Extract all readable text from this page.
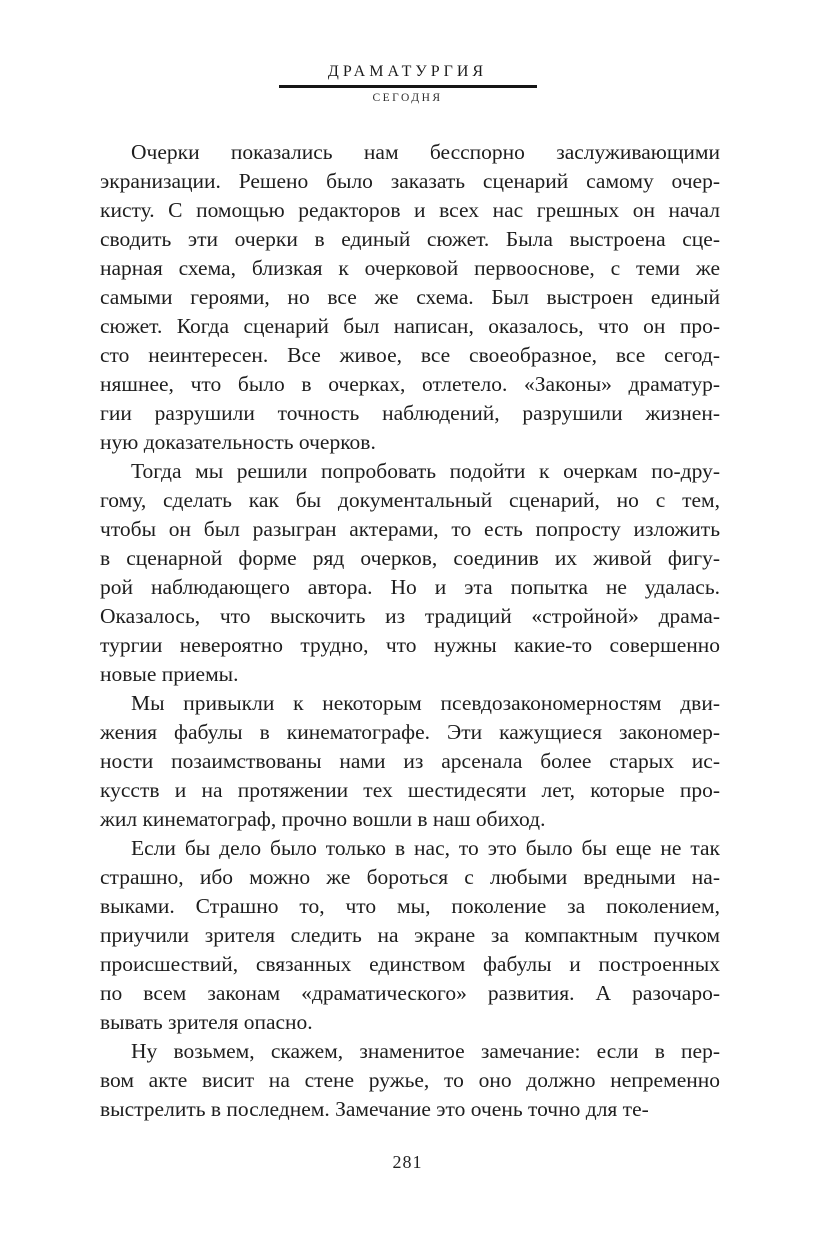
ДРАМАТУРГИЯ
СЕГОДНЯ

Очерки показались нам бесспорно заслуживающими
экранизации. Решено было заказать сценарий самому очер-
кисту. С помощью редакторов и всех нас грешных он начал
сводить эти очерки в единый сюжет. Была выстроена сце-
нарная схема, близкая к очерковой первооснове, с теми же
самыми героями, но все же схема. Был выстроен единый
сюжет. Когда сценарий был написан, оказалось, что он про-
сто неинтересен. Все живое, все своеобразное, все сегод-
няшнее, что было в очерках, отлетело. «Законы» драматур-
гии разрушили точность наблюдений, разрушили жизнен-
ную доказательность очерков.

Тогда мы решили попробовать подойти к очеркам по-дру-
гому, сделать как бы документальный сценарий, но с тем,
чтобы он был разыгран актерами, то есть попросту изложить
в сценарной форме ряд очерков, соединив их живой фигу-
рой наблюдающего автора. Но и эта попытка не удалась.
Оказалось, что выскочить из традиций «стройной» драма-
тургии невероятно трудно, что нужны какие-то совершенно
новые приемы.

Мы привыкли к некоторым псевдозакономерностям дви-
жения фабулы в кинематографе. Эти кажущиеся закономер-
ности позаимствованы нами из арсенала более старых ис-
кусств и на протяжении тех шестидесяти лет, которые про-
жил кинематограф, прочно вошли в наш обиход.

Если бы дело было только в нас, то это было бы еще не так
страшно, ибо можно же бороться с любыми вредными на-
выками. Страшно то, что мы, поколение за поколением,
приучили зрителя следить на экране за компактным пучком
происшествий, связанных единством фабулы и построенных
по всем законам «драматического» развития. А разочаро-
вывать зрителя опасно.

Ну возьмем, скажем, знаменитое замечание: если в пер-
вом акте висит на стене ружье, то оно должно непременно
выстрелить в последнем. Замечание это очень точно для те-

281
